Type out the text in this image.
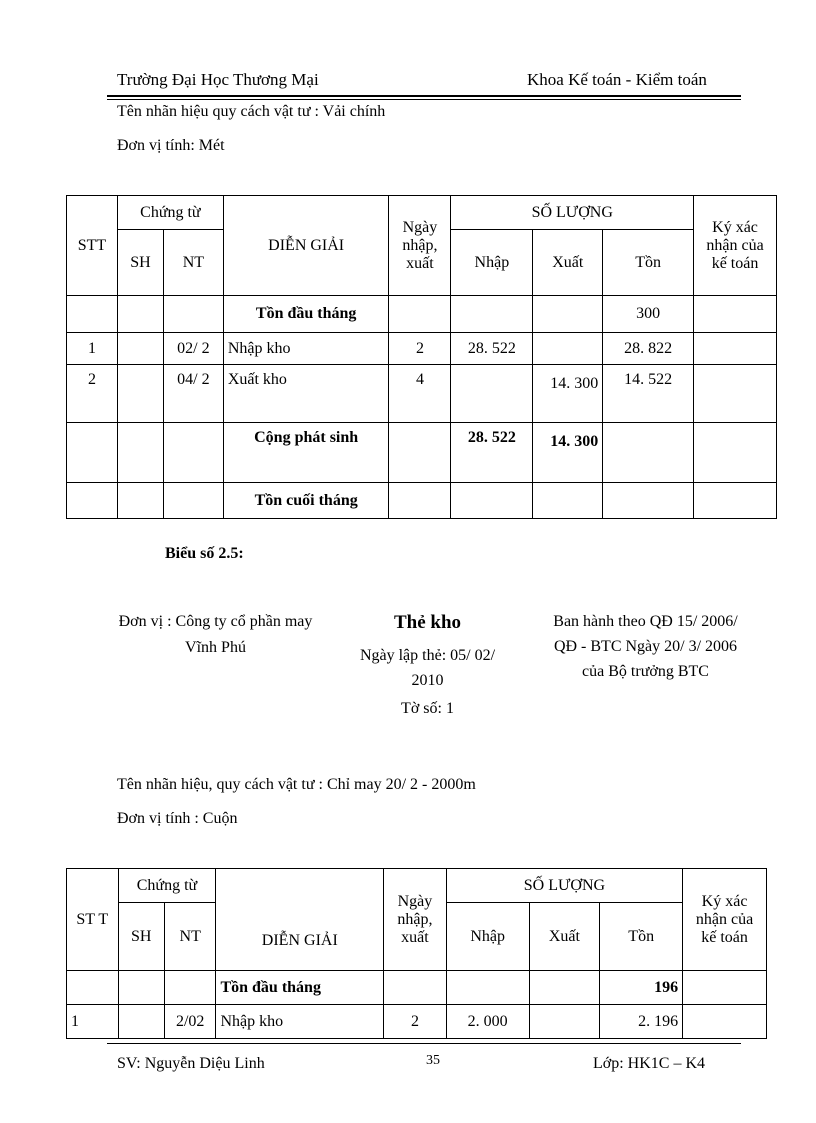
Trường Đại Học Thương Mại	Khoa Kế toán - Kiểm toán
Tên nhãn hiệu quy cách vật tư : Vải chính
Đơn vị tính: Mét
STT	Chứng từ		DIỄN GIẢI	Ngày nhập, xuất	SỐ LƯỢNG			Ký xác nhận của kế toán
	SH	NT			Nhập	Xuất	Tồn	
			Tồn đầu tháng				300	
1		02/ 2	Nhập kho	2	28. 522		28. 822	
2		04/ 2	Xuất kho	4		14. 300	14. 522	
			Cộng phát sinh		28. 522	14. 300		
			Tồn cuối tháng					
Biểu số 2.5:
Đơn vị : Công ty cổ phần may Vĩnh Phú
Thẻ kho
Ngày lập thẻ: 05/ 02/ 2010
Tờ số: 1
Ban hành theo QĐ 15/ 2006/ QĐ - BTC Ngày 20/ 3/ 2006 của Bộ trưởng BTC
Tên nhãn hiệu, quy cách vật tư : Chỉ may 20/ 2 - 2000m
Đơn vị tính : Cuộn
ST T	Chứng từ		DIỄN GIẢI	Ngày nhập, xuất	SỐ LƯỢNG			Ký xác nhận của kế toán
	SH	NT			Nhập	Xuất	Tồn	
			Tồn đầu tháng				196	
1		2/02	Nhập kho	2	2. 000		2. 196	
SV: Nguyễn Diệu Linh	35	Lớp: HK1C – K4
